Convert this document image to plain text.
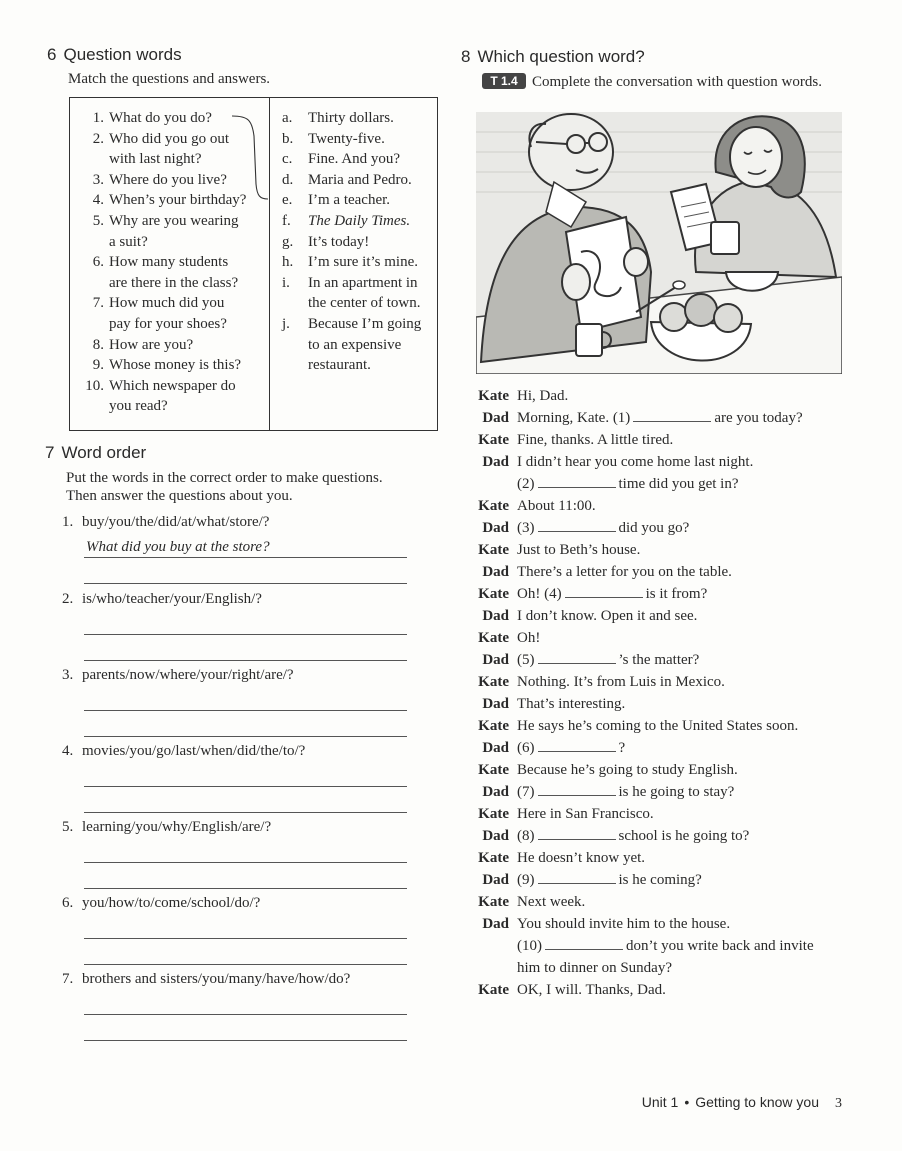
6 Question words
Match the questions and answers.
1. What do you do?
2. Who did you go out
with last night?
3. Where do you live?
4. When’s your birthday?
5. Why are you wearing
a suit?
6. How many students
are there in the class?
7. How much did you
pay for your shoes?
8. How are you?
9. Whose money is this?
10. Which newspaper do
you read?
a.	Thirty dollars.
b. Twenty-five.
c.	Fine. And you?
d. Maria and Pedro.
e.	I’m a teacher.
f.	The Daily Times.
g. It’s today!
h. I’m sure it’s mine.
i.	In an apartment in
the center of town.
j.	Because I’m going
to an expensive
restaurant.
7 Word order
Put the words in the correct order to make questions.
Then answer the questions about you.
1. buy/you/the/did/at/what/store/?
What did you buy at the store?
2. is/who/teacher/your/English/?
3. parents/now/where/your/right/are/?
4. movies/you/go/last/when/did/the/to/?
5. learning/you/why/English/are/?
6. you/how/to/come/school/do/?
7. brothers and sisters/you/many/have/how/do?
8 Which question word?
T 1.4 Complete the conversation with question words.
Kate Hi, Dad.
Dad Morning, Kate. (1)	are you today?
Kate Fine, thanks. A little tired.
Dad I didn’t hear you come home last night.
(2)	time did you get in?
Kate About 11:00.
Dad (3)	did you go?
Kate Just to Beth’s house.
Dad There’s a letter for you on the table.
Kate Oh! (4)	is it from?
Dad I don’t know. Open it and see.
Kate Oh!
Dad (5)	’s the matter?
Kate Nothing. It’s from Luis in Mexico.
Dad That’s interesting.
Kate He says he’s coming to the United States soon.
Dad (6)	?
Kate Because he’s going to study English.
Dad (7)	is he going to stay?
Kate Here in San Francisco.
Dad (8)	school is he going to?
Kate He doesn’t know yet.
Dad (9)	is he coming?
Kate Next week.
Dad You should invite him to the house.
(10)	don’t you write back and invite
him to dinner on Sunday?
Kate OK, I will. Thanks, Dad.
Unit 1 • Getting to know you 3
